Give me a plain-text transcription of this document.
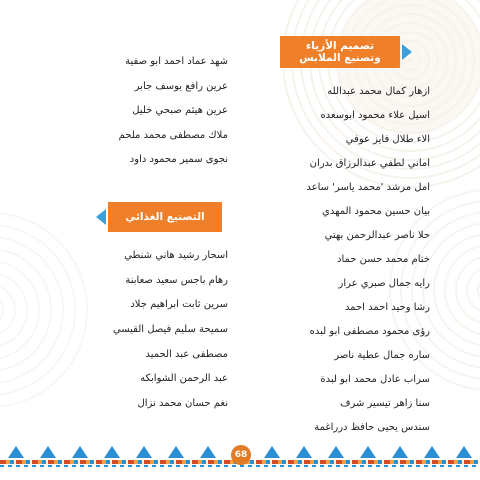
تصميم الأزياء
وتصنيع الملابس
ازهار كمال محمد عبدالله
اسيل علاء محمود ابوسعده
الاء طلال فايز عوفي
اماني لطفي عبدالرزاق بدران
امل مرشد 'محمد ياسر' ساعد
بيان حسين محمود المهدي
حلا ناصر عبدالرحمن بهتي
ختام محمد حسن حماد
رايه جمال صبري عرار
رشا وحيد احمد احمد
رؤى محمود مصطفى ابو لبده
ساره جمال عطية ناصر
سراب عادل محمد ابو لبدة
سنا زاهر تيسير شرف
سندس يحيى حافظ درراغمة
شهد عماد احمد ابو صفية
عرين رافع يوسف جابر
عرين هيثم صبحي خليل
ملاك مصطفى محمد ملحم
نجوى سمير محمود داود
التصنيع الغذائي
اسحار رشيد هاني شنطي
رهام باجس سعيد صعابنة
سرين ثابت ابراهيم جلاد
سميحة سليم فيصل القيسي
مصطفى عبد الحميد
عبد الرحمن الشوابكه
نغم حسان محمد نزال
68
